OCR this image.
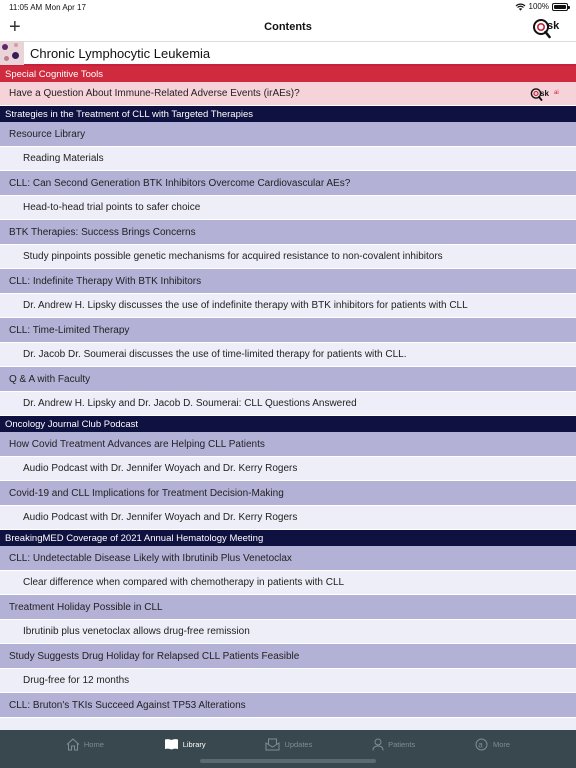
11:05 AM Mon Apr 17	100%
+	Contents	sk
Chronic Lymphocytic Leukemia
Special Cognitive Tools
Have a Question About Immune-Related Adverse Events (irAEs)?	sk ai
Strategies in the Treatment of CLL with Targeted Therapies
Resource Library
Reading Materials
CLL: Can Second Generation BTK Inhibitors Overcome Cardiovascular AEs?
Head-to-head trial points to safer choice
BTK Therapies: Success Brings Concerns
Study pinpoints possible genetic mechanisms for acquired resistance to non-covalent inhibitors
CLL: Indefinite Therapy With BTK Inhibitors
Dr. Andrew H. Lipsky discusses the use of indefinite therapy with BTK inhibitors for patients with CLL
CLL: Time-Limited Therapy
Dr. Jacob Dr. Soumerai discusses the use of time-limited therapy for patients with CLL.
Q & A with Faculty
Dr. Andrew H. Lipsky and Dr. Jacob D. Soumerai: CLL Questions Answered
Oncology Journal Club Podcast
How Covid Treatment Advances are Helping CLL Patients
Audio Podcast with Dr. Jennifer Woyach and Dr. Kerry Rogers
Covid-19 and CLL Implications for Treatment Decision-Making
Audio Podcast with Dr. Jennifer Woyach and Dr. Kerry Rogers
BreakingMED Coverage of 2021 Annual Hematology Meeting
CLL: Undetectable Disease Likely with Ibrutinib Plus Venetoclax
Clear difference when compared with chemotherapy in patients with CLL
Treatment Holiday Possible in CLL
Ibrutinib plus venetoclax allows drug-free remission
Study Suggests Drug Holiday for Relapsed CLL Patients Feasible
Drug-free for 12 months
CLL: Bruton's TKIs Succeed Against TP53 Alterations
Home	Library	Updates	Patients	a More
